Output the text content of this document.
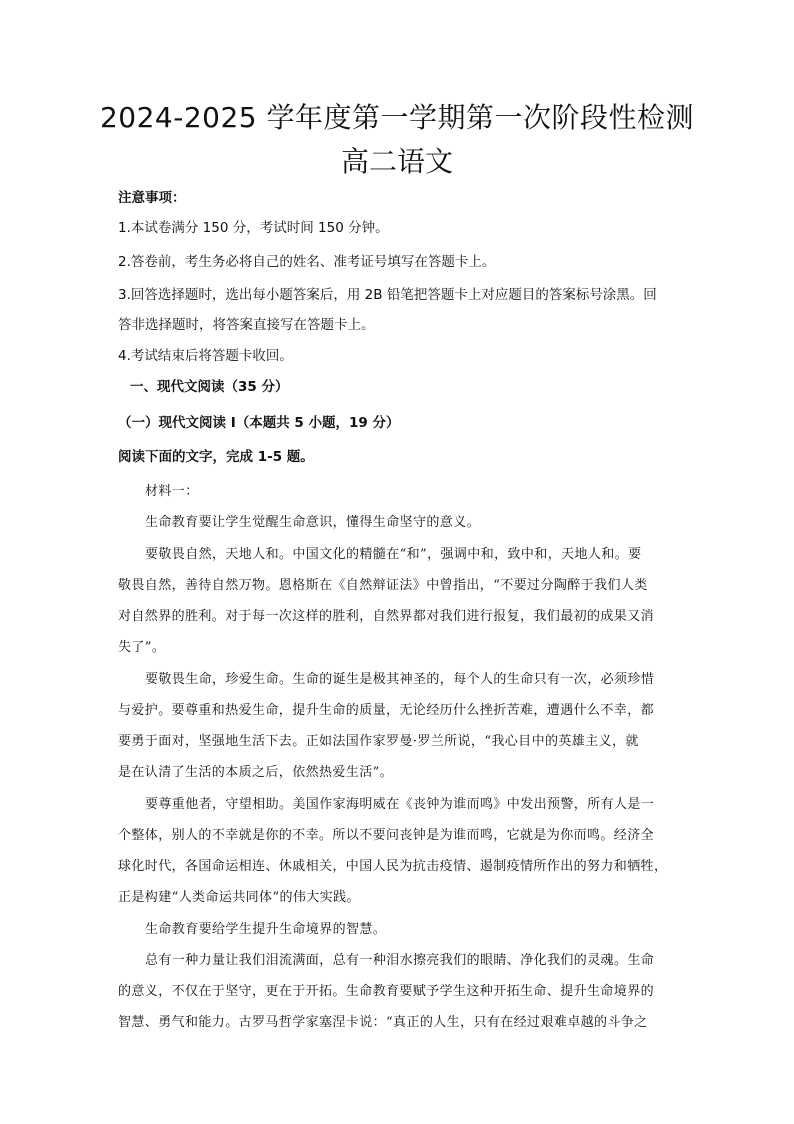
2024-2025 学年度第一学期第一次阶段性检测
高二语文
注意事项：
1.本试卷满分 150 分，考试时间 150 分钟。
2.答卷前，考生务必将自己的姓名、准考证号填写在答题卡上。
3.回答选择题时，选出每小题答案后，用 2B 铅笔把答题卡上对应题目的答案标号涂黑。回
答非选择题时，将答案直接写在答题卡上。
4.考试结束后将答题卡收回。
一、现代文阅读（35 分）
（一）现代文阅读 I（本题共 5 小题，19 分）
阅读下面的文字，完成 1-5 题。
材料一：
生命教育要让学生觉醒生命意识，懂得生命坚守的意义。
要敬畏自然，天地人和。中国文化的精髓在“和”，强调中和，致中和，天地人和。要
敬畏自然，善待自然万物。恩格斯在《自然辩证法》中曾指出，“不要过分陶醉于我们人类
对自然界的胜利。对于每一次这样的胜利，自然界都对我们进行报复，我们最初的成果又消
失了”。
要敬畏生命，珍爱生命。生命的诞生是极其神圣的，每个人的生命只有一次，必须珍惜
与爱护。要尊重和热爱生命，提升生命的质量，无论经历什么挫折苦难，遭遇什么不幸，都
要勇于面对，坚强地生活下去。正如法国作家罗曼·罗兰所说，“我心目中的英雄主义，就
是在认清了生活的本质之后，依然热爱生活”。
要尊重他者，守望相助。美国作家海明威在《丧钟为谁而鸣》中发出预警，所有人是一
个整体，别人的不幸就是你的不幸。所以不要问丧钟是为谁而鸣，它就是为你而鸣。经济全
球化时代，各国命运相连、休戚相关，中国人民为抗击疫情、遏制疫情所作出的努力和牺牲，
正是构建“人类命运共同体”的伟大实践。
生命教育要给学生提升生命境界的智慧。
总有一种力量让我们泪流满面，总有一种泪水擦亮我们的眼睛、净化我们的灵魂。生命
的意义，不仅在于坚守，更在于开拓。生命教育要赋予学生这种开拓生命、提升生命境界的
智慧、勇气和能力。古罗马哲学家塞涅卡说：“真正的人生，只有在经过艰难卓越的斗争之
